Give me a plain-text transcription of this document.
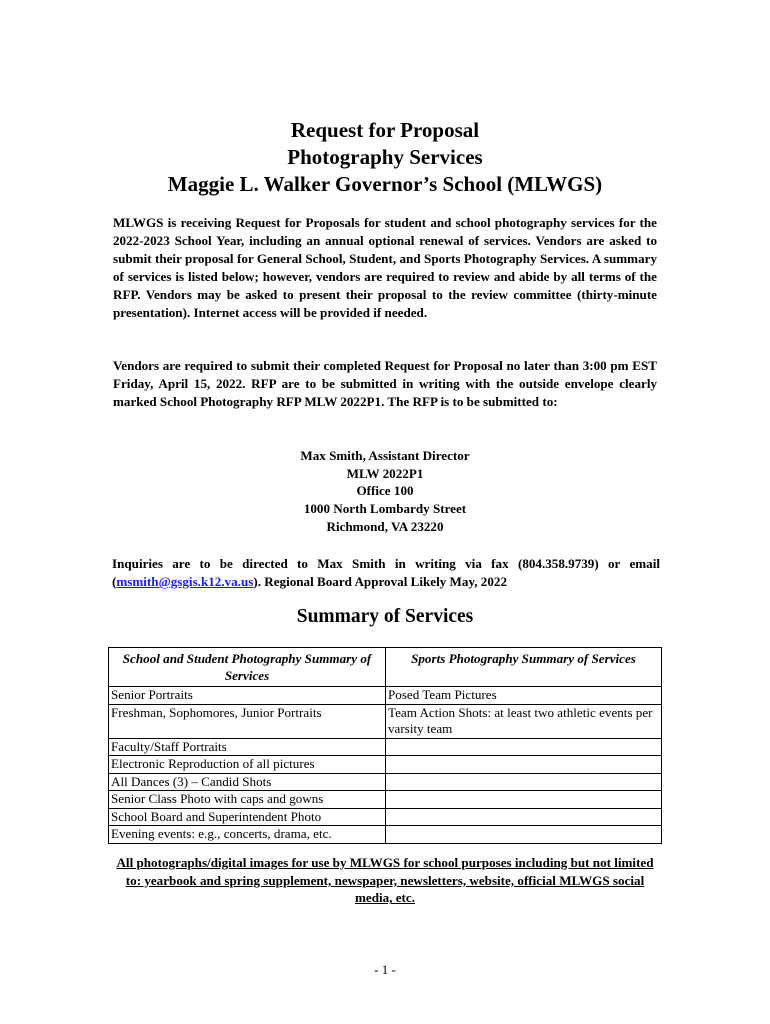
Request for Proposal
Photography Services
Maggie L. Walker Governor’s School (MLWGS)

MLWGS is receiving Request for Proposals for student and school photography services for the 2022-2023 School Year, including an annual optional renewal of services. Vendors are asked to submit their proposal for General School, Student, and Sports Photography Services. A summary of services is listed below; however, vendors are required to review and abide by all terms of the RFP. Vendors may be asked to present their proposal to the review committee (thirty-minute presentation). Internet access will be provided if needed.

Vendors are required to submit their completed Request for Proposal no later than 3:00 pm EST Friday, April 15, 2022. RFP are to be submitted in writing with the outside envelope clearly marked School Photography RFP MLW 2022P1. The RFP is to be submitted to:

Max Smith, Assistant Director
MLW 2022P1
Office 100
1000 North Lombardy Street
Richmond, VA 23220

Inquiries are to be directed to Max Smith in writing via fax (804.358.9739) or email (msmith@gsgis.k12.va.us). Regional Board Approval Likely May, 2022

Summary of Services
School and Student Photography Summary of Services	Sports Photography Summary of Services
Senior Portraits	Posed Team Pictures
Freshman, Sophomores, Junior Portraits	Team Action Shots: at least two athletic events per varsity team
Faculty/Staff Portraits	
Electronic Reproduction of all pictures	
All Dances (3) – Candid Shots	
Senior Class Photo with caps and gowns	
School Board and Superintendent Photo	
Evening events: e.g., concerts, drama, etc.	
All photographs/digital images for use by MLWGS for school purposes including but not limited to: yearbook and spring supplement, newspaper, newsletters, website, official MLWGS social media, etc.
- 1 -
